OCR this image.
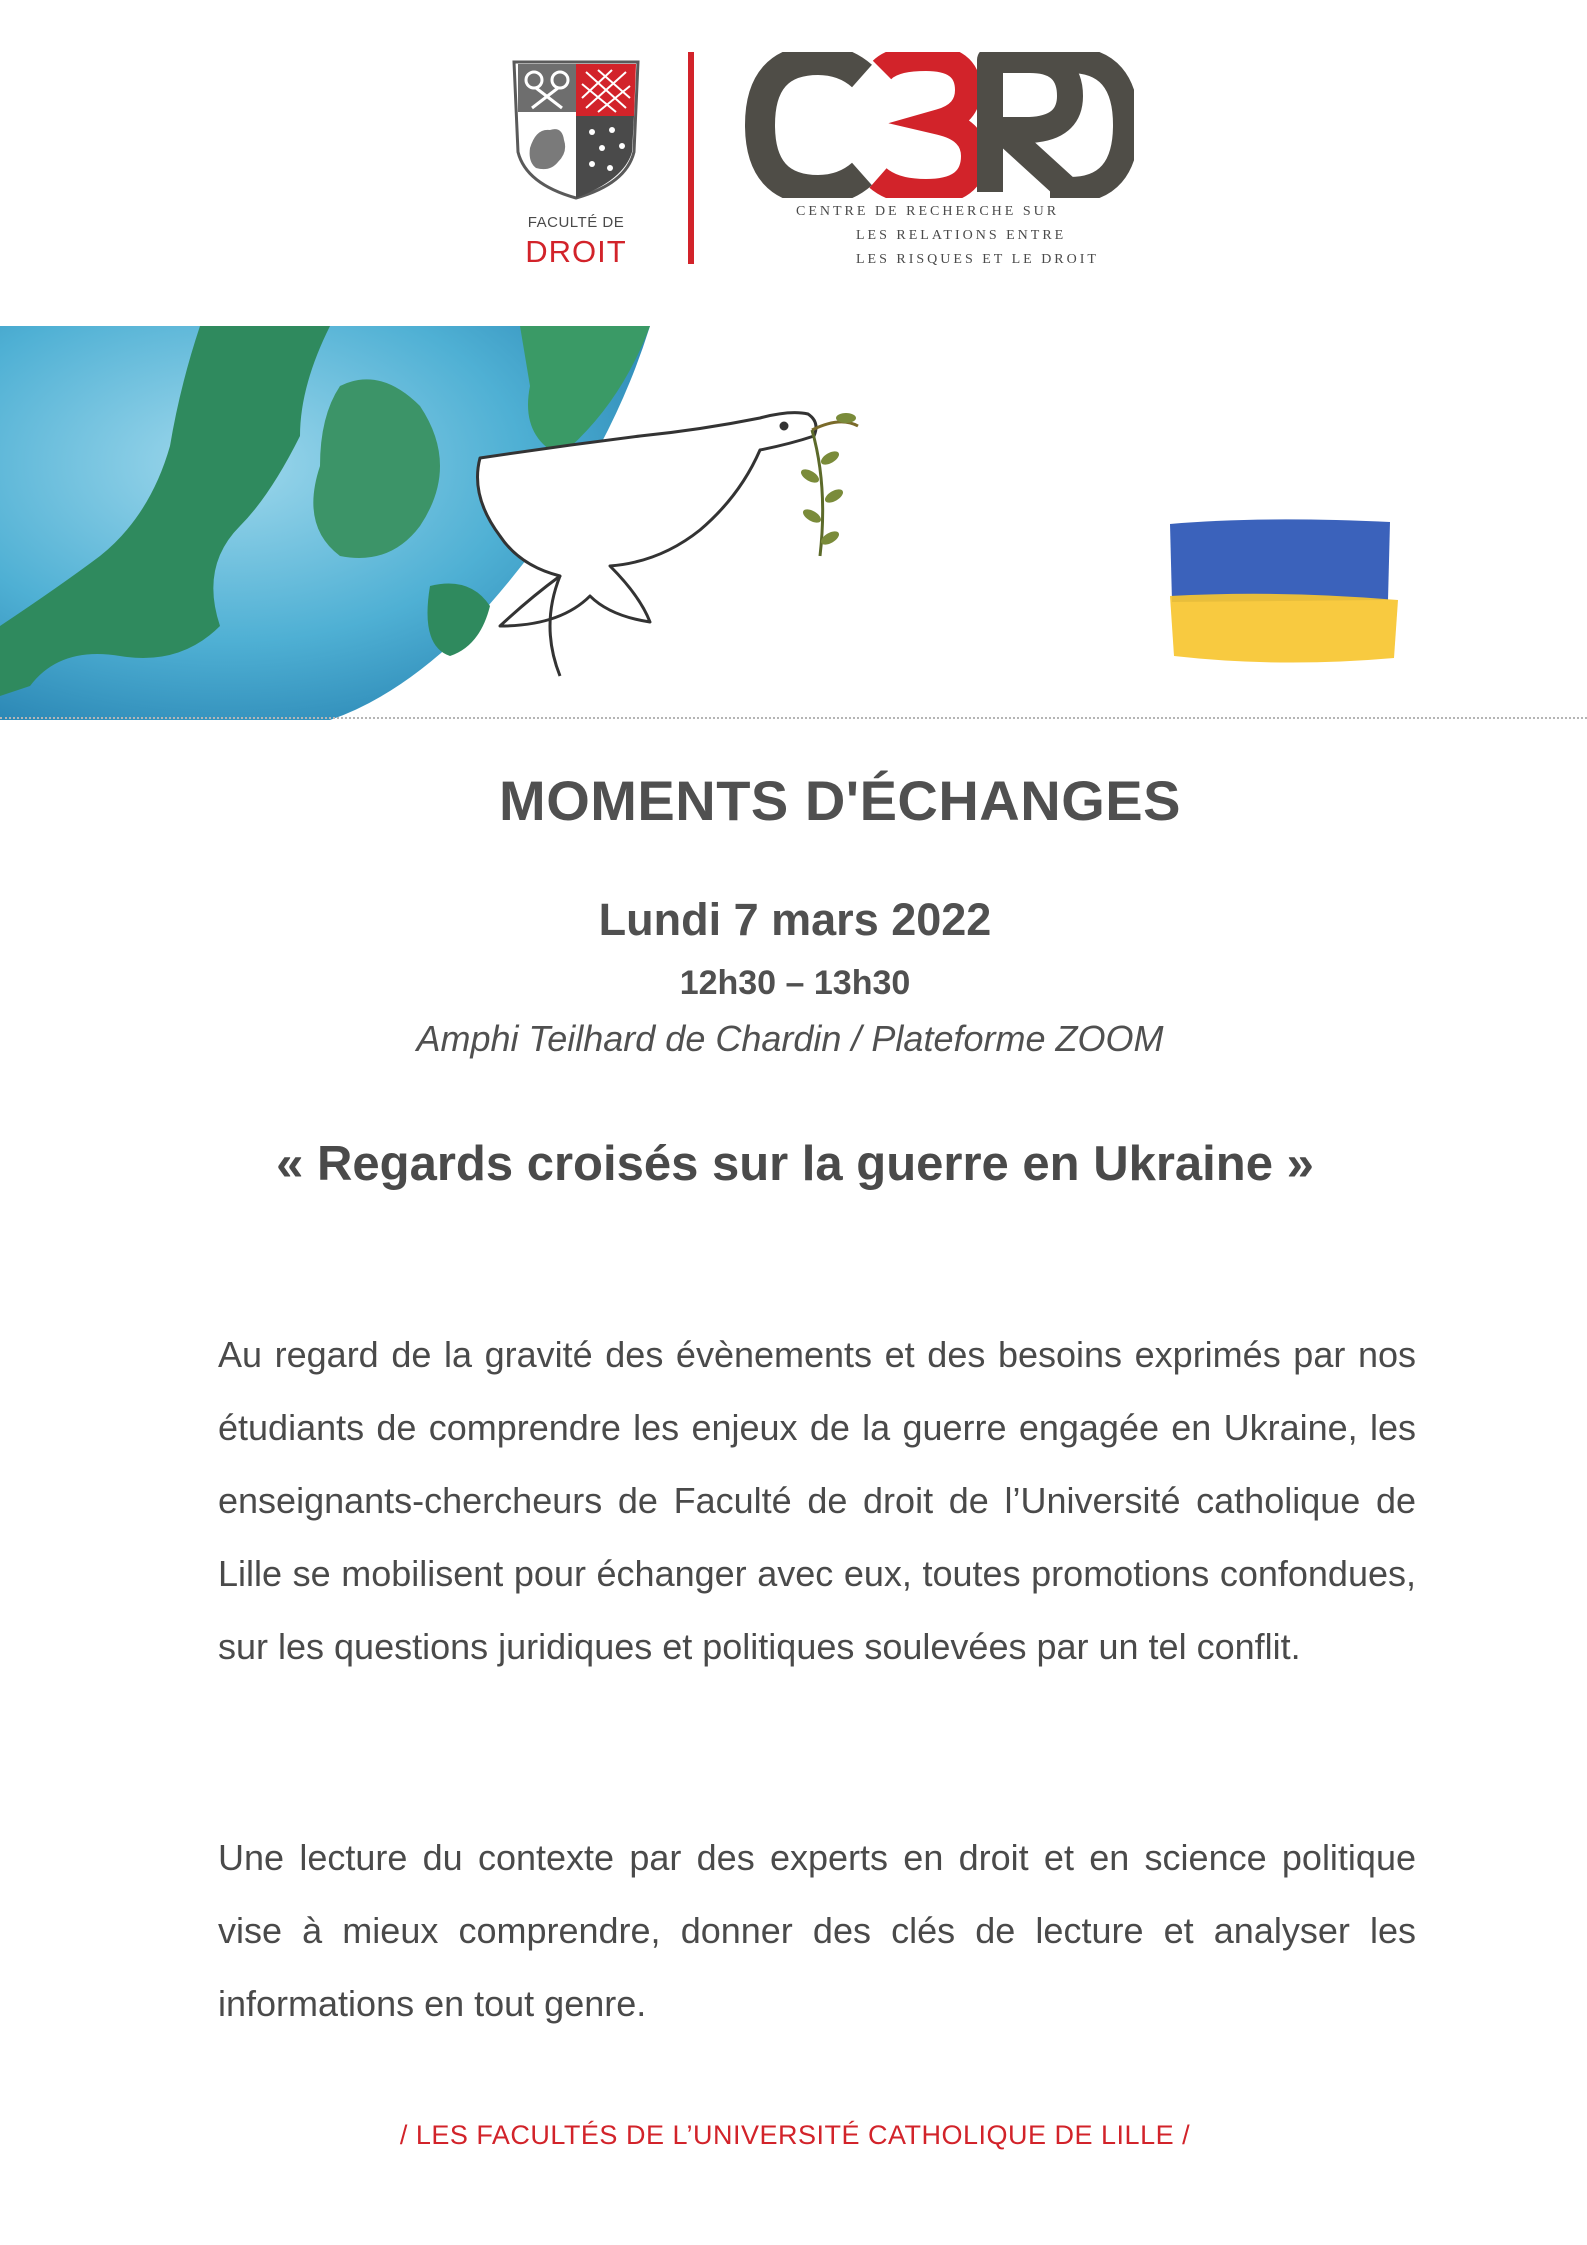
FACULTÉ DE
DROIT
CENTRE DE RECHERCHE SUR
LES RELATIONS ENTRE
LES RISQUES ET LE DROIT
MOMENTS D'ÉCHANGES
Lundi 7 mars 2022
12h30 – 13h30
Amphi Teilhard de Chardin / Plateforme ZOOM
« Regards croisés sur la guerre en Ukraine »
Au regard de la gravité des évènements et des besoins exprimés par nos étudiants de comprendre les enjeux de la guerre engagée en Ukraine, les enseignants-chercheurs de Faculté de droit de l’Université catholique de Lille se mobilisent pour échanger avec eux, toutes promotions confondues, sur les questions juridiques et politiques soulevées par un tel conflit.
Une lecture du contexte par des experts en droit et en science politique vise à mieux comprendre, donner des clés de lecture et analyser les informations en tout genre.
/ LES FACULTÉS DE L’UNIVERSITÉ CATHOLIQUE DE LILLE /
